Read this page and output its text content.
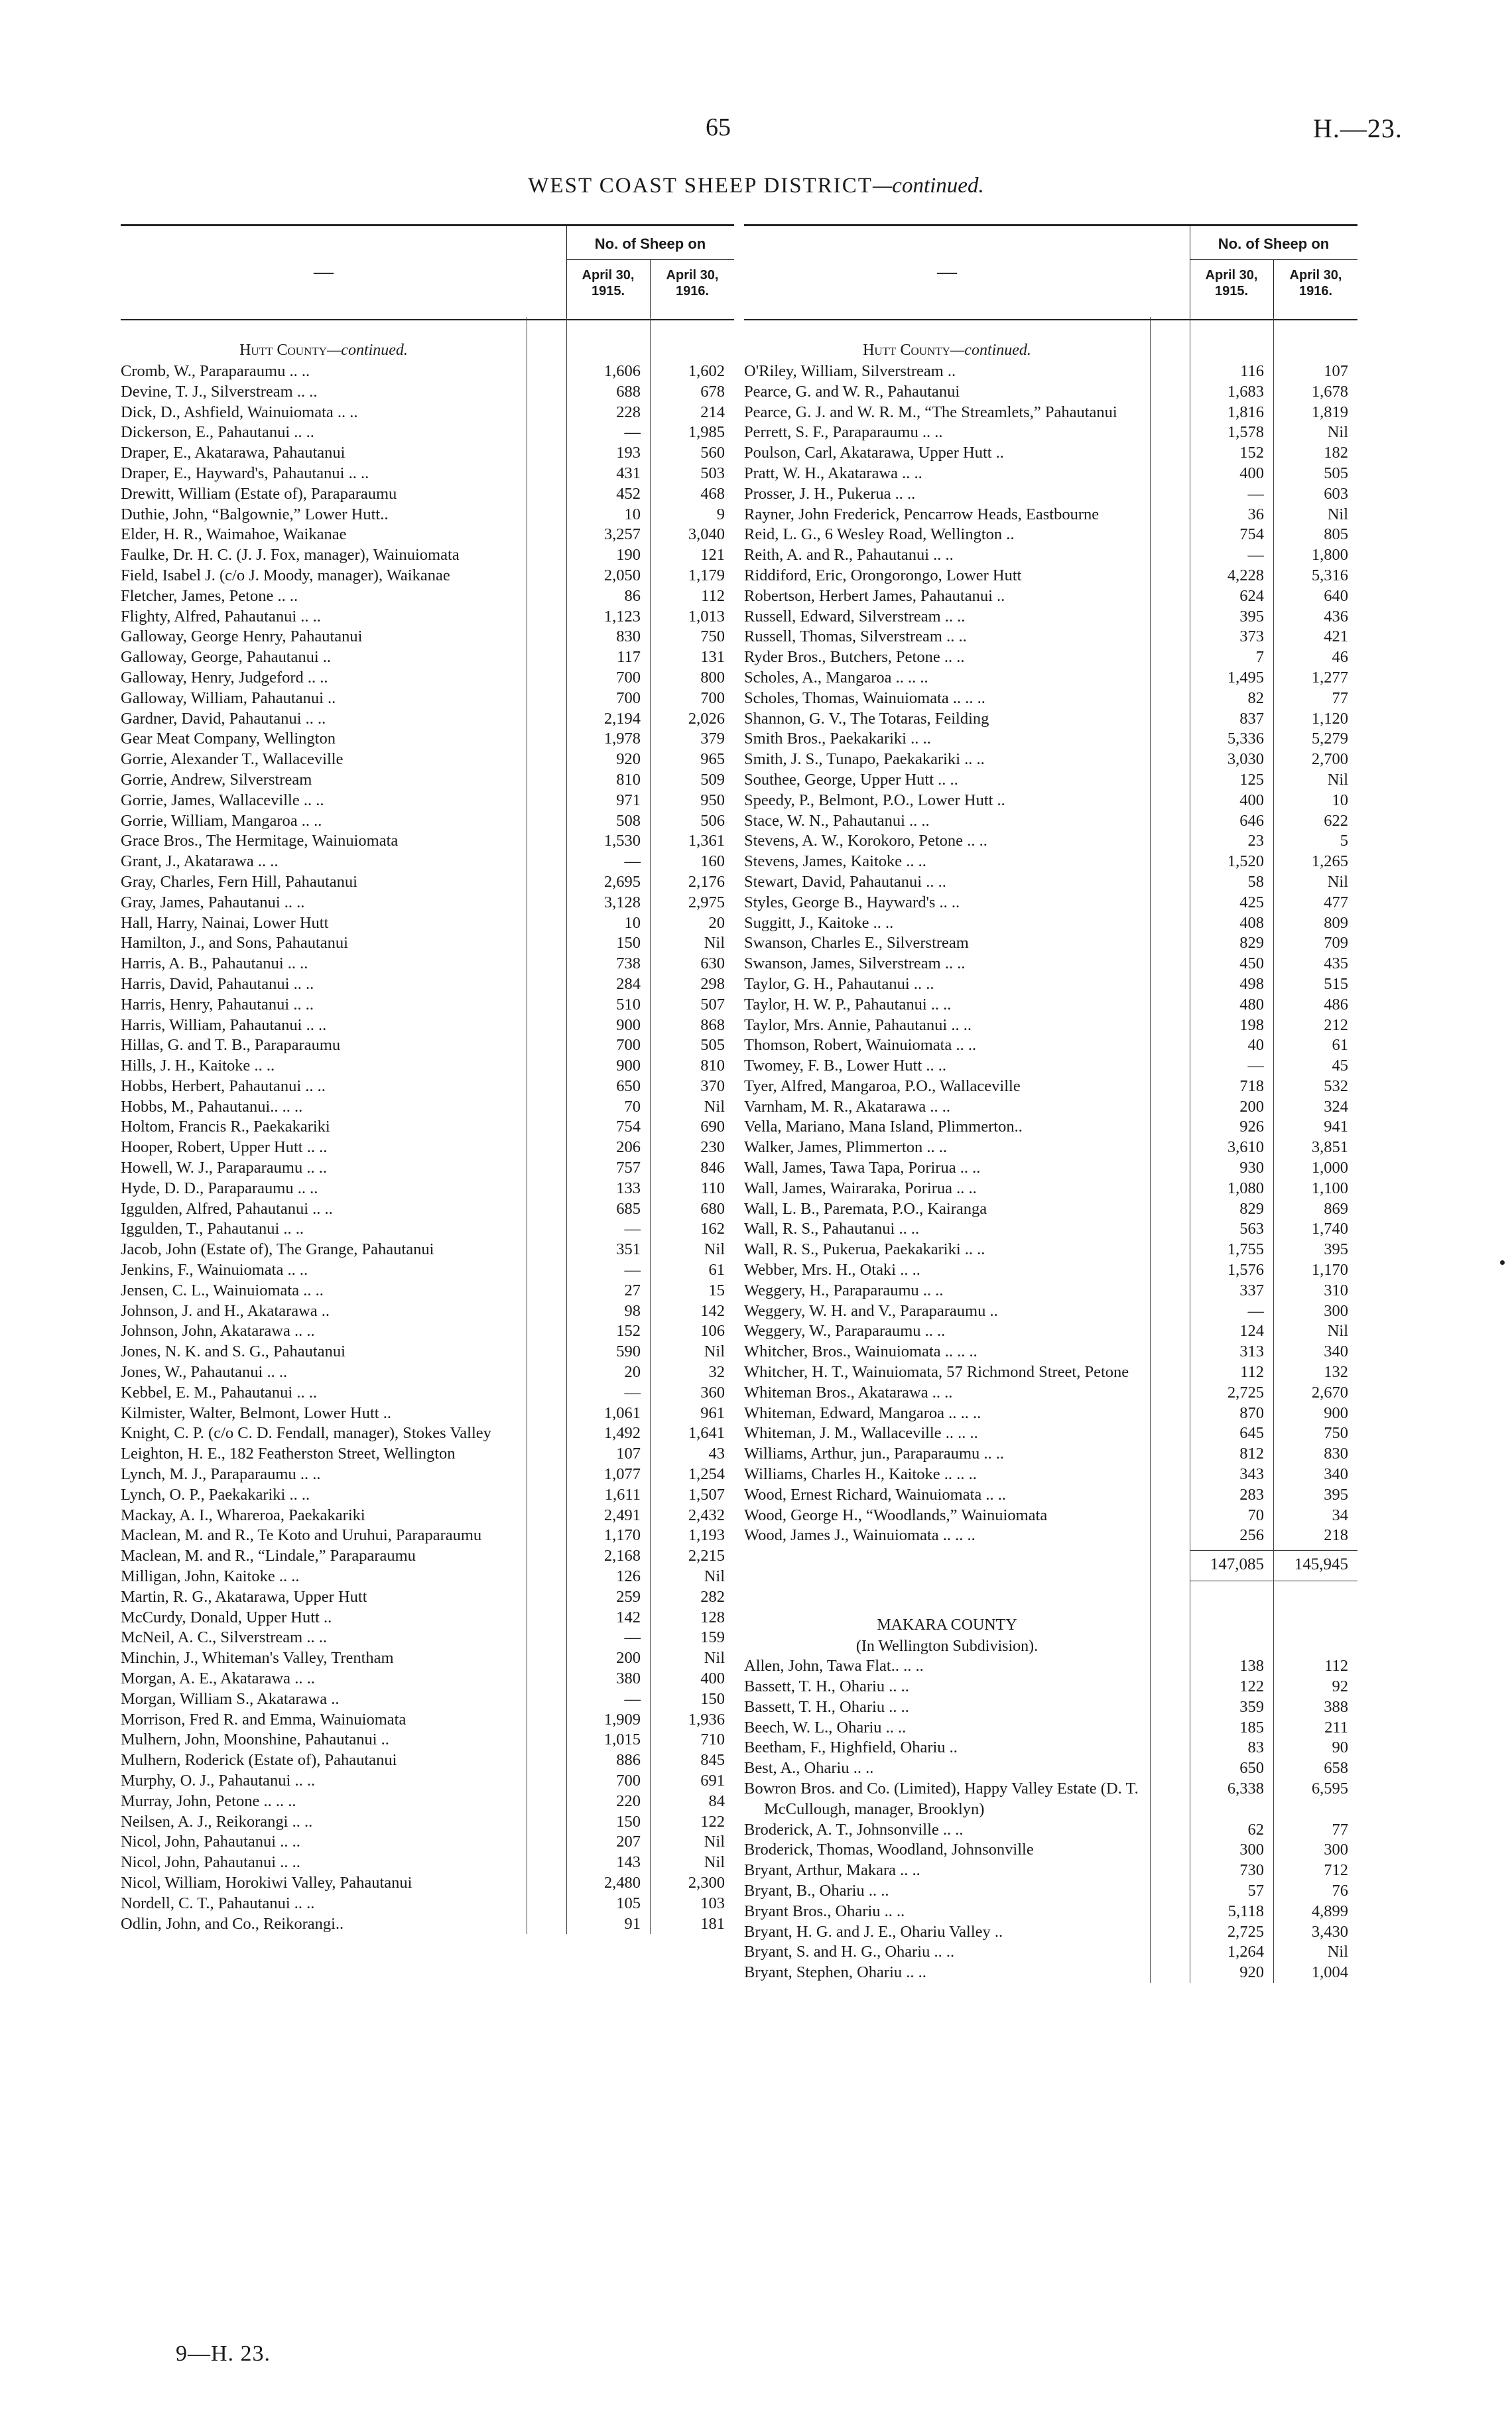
65	H.—23.
WEST COAST SHEEP DISTRICT—continued.
—
No. of Sheep on
April 30,
1915.
April 30,
1916.
Hutt County—continued.
Cromb, W., Paraparaumu .. ..	1,606	1,602
Devine, T. J., Silverstream .. ..	688	678
Dick, D., Ashfield, Wainuiomata .. ..	228	214
Dickerson, E., Pahautanui .. ..	—	1,985
Draper, E., Akatarawa, Pahautanui	193	560
Draper, E., Hayward's, Pahautanui .. ..	431	503
Drewitt, William (Estate of), Paraparaumu	452	468
Duthie, John, “Balgownie,” Lower Hutt..	10	9
Elder, H. R., Waimahoe, Waikanae	3,257	3,040
Faulke, Dr. H. C. (J. J. Fox, manager), Wainuiomata	190	121
Field, Isabel J. (c/o J. Moody, manager), Waikanae	2,050	1,179
Fletcher, James, Petone .. ..	86	112
Flighty, Alfred, Pahautanui .. ..	1,123	1,013
Galloway, George Henry, Pahautanui	830	750
Galloway, George, Pahautanui ..	117	131
Galloway, Henry, Judgeford .. ..	700	800
Galloway, William, Pahautanui ..	700	700
Gardner, David, Pahautanui .. ..	2,194	2,026
Gear Meat Company, Wellington	1,978	379
Gorrie, Alexander T., Wallaceville	920	965
Gorrie, Andrew, Silverstream	810	509
Gorrie, James, Wallaceville .. ..	971	950
Gorrie, William, Mangaroa .. ..	508	506
Grace Bros., The Hermitage, Wainuiomata	1,530	1,361
Grant, J., Akatarawa .. ..	—	160
Gray, Charles, Fern Hill, Pahautanui	2,695	2,176
Gray, James, Pahautanui .. ..	3,128	2,975
Hall, Harry, Nainai, Lower Hutt	10	20
Hamilton, J., and Sons, Pahautanui	150	Nil
Harris, A. B., Pahautanui .. ..	738	630
Harris, David, Pahautanui .. ..	284	298
Harris, Henry, Pahautanui .. ..	510	507
Harris, William, Pahautanui .. ..	900	868
Hillas, G. and T. B., Paraparaumu	700	505
Hills, J. H., Kaitoke .. ..	900	810
Hobbs, Herbert, Pahautanui .. ..	650	370
Hobbs, M., Pahautanui.. .. ..	70	Nil
Holtom, Francis R., Paekakariki	754	690
Hooper, Robert, Upper Hutt .. ..	206	230
Howell, W. J., Paraparaumu .. ..	757	846
Hyde, D. D., Paraparaumu .. ..	133	110
Iggulden, Alfred, Pahautanui .. ..	685	680
Iggulden, T., Pahautanui .. ..	—	162
Jacob, John (Estate of), The Grange, Pahautanui	351	Nil
Jenkins, F., Wainuiomata .. ..	—	61
Jensen, C. L., Wainuiomata .. ..	27	15
Johnson, J. and H., Akatarawa ..	98	142
Johnson, John, Akatarawa .. ..	152	106
Jones, N. K. and S. G., Pahautanui	590	Nil
Jones, W., Pahautanui .. ..	20	32
Kebbel, E. M., Pahautanui .. ..	—	360
Kilmister, Walter, Belmont, Lower Hutt ..	1,061	961
Knight, C. P. (c/o C. D. Fendall, manager), Stokes Valley	1,492	1,641
Leighton, H. E., 182 Featherston Street, Wellington	107	43
Lynch, M. J., Paraparaumu .. ..	1,077	1,254
Lynch, O. P., Paekakariki .. ..	1,611	1,507
Mackay, A. I., Whareroa, Paekakariki	2,491	2,432
Maclean, M. and R., Te Koto and Uruhui, Paraparaumu	1,170	1,193
Maclean, M. and R., “Lindale,” Paraparaumu	2,168	2,215
Milligan, John, Kaitoke .. ..	126	Nil
Martin, R. G., Akatarawa, Upper Hutt	259	282
McCurdy, Donald, Upper Hutt ..	142	128
McNeil, A. C., Silverstream .. ..	—	159
Minchin, J., Whiteman's Valley, Trentham	200	Nil
Morgan, A. E., Akatarawa .. ..	380	400
Morgan, William S., Akatarawa ..	—	150
Morrison, Fred R. and Emma, Wainuiomata	1,909	1,936
Mulhern, John, Moonshine, Pahautanui ..	1,015	710
Mulhern, Roderick (Estate of), Pahautanui	886	845
Murphy, O. J., Pahautanui .. ..	700	691
Murray, John, Petone .. .. ..	220	84
Neilsen, A. J., Reikorangi .. ..	150	122
Nicol, John, Pahautanui .. ..	207	Nil
Nicol, John, Pahautanui .. ..	143	Nil
Nicol, William, Horokiwi Valley, Pahautanui	2,480	2,300
Nordell, C. T., Pahautanui .. ..	105	103
Odlin, John, and Co., Reikorangi..	91	181
—
No. of Sheep on
April 30,
1915.
April 30,
1916.
Hutt County—continued.
O'Riley, William, Silverstream ..	116	107
Pearce, G. and W. R., Pahautanui	1,683	1,678
Pearce, G. J. and W. R. M., “The Streamlets,” Pahautanui	1,816	1,819
Perrett, S. F., Paraparaumu .. ..	1,578	Nil
Poulson, Carl, Akatarawa, Upper Hutt ..	152	182
Pratt, W. H., Akatarawa .. ..	400	505
Prosser, J. H., Pukerua .. ..	—	603
Rayner, John Frederick, Pencarrow Heads, Eastbourne	36	Nil
Reid, L. G., 6 Wesley Road, Wellington ..	754	805
Reith, A. and R., Pahautanui .. ..	—	1,800
Riddiford, Eric, Orongorongo, Lower Hutt	4,228	5,316
Robertson, Herbert James, Pahautanui ..	624	640
Russell, Edward, Silverstream .. ..	395	436
Russell, Thomas, Silverstream .. ..	373	421
Ryder Bros., Butchers, Petone .. ..	7	46
Scholes, A., Mangaroa .. .. ..	1,495	1,277
Scholes, Thomas, Wainuiomata .. .. ..	82	77
Shannon, G. V., The Totaras, Feilding	837	1,120
Smith Bros., Paekakariki .. ..	5,336	5,279
Smith, J. S., Tunapo, Paekakariki .. ..	3,030	2,700
Southee, George, Upper Hutt .. ..	125	Nil
Speedy, P., Belmont, P.O., Lower Hutt ..	400	10
Stace, W. N., Pahautanui .. ..	646	622
Stevens, A. W., Korokoro, Petone .. ..	23	5
Stevens, James, Kaitoke .. ..	1,520	1,265
Stewart, David, Pahautanui .. ..	58	Nil
Styles, George B., Hayward's .. ..	425	477
Suggitt, J., Kaitoke .. ..	408	809
Swanson, Charles E., Silverstream	829	709
Swanson, James, Silverstream .. ..	450	435
Taylor, G. H., Pahautanui .. ..	498	515
Taylor, H. W. P., Pahautanui .. ..	480	486
Taylor, Mrs. Annie, Pahautanui .. ..	198	212
Thomson, Robert, Wainuiomata .. ..	40	61
Twomey, F. B., Lower Hutt .. ..	—	45
Tyer, Alfred, Mangaroa, P.O., Wallaceville	718	532
Varnham, M. R., Akatarawa .. ..	200	324
Vella, Mariano, Mana Island, Plimmerton..	926	941
Walker, James, Plimmerton .. ..	3,610	3,851
Wall, James, Tawa Tapa, Porirua .. ..	930	1,000
Wall, James, Wairaraka, Porirua .. ..	1,080	1,100
Wall, L. B., Paremata, P.O., Kairanga	829	869
Wall, R. S., Pahautanui .. ..	563	1,740
Wall, R. S., Pukerua, Paekakariki .. ..	1,755	395
Webber, Mrs. H., Otaki .. ..	1,576	1,170
Weggery, H., Paraparaumu .. ..	337	310
Weggery, W. H. and V., Paraparaumu ..	—	300
Weggery, W., Paraparaumu .. ..	124	Nil
Whitcher, Bros., Wainuiomata .. .. ..	313	340
Whitcher, H. T., Wainuiomata, 57 Richmond Street, Petone	112	132
Whiteman Bros., Akatarawa .. ..	2,725	2,670
Whiteman, Edward, Mangaroa .. .. ..	870	900
Whiteman, J. M., Wallaceville .. .. ..	645	750
Williams, Arthur, jun., Paraparaumu .. ..	812	830
Williams, Charles H., Kaitoke .. .. ..	343	340
Wood, Ernest Richard, Wainuiomata .. ..	283	395
Wood, George H., “Woodlands,” Wainuiomata	70	34
Wood, James J., Wainuiomata .. .. ..	256	218
147,085	145,945
MAKARA COUNTY
(In Wellington Subdivision).
Allen, John, Tawa Flat.. .. ..	138	112
Bassett, T. H., Ohariu .. ..	122	92
Bassett, T. H., Ohariu .. ..	359	388
Beech, W. L., Ohariu .. ..	185	211
Beetham, F., Highfield, Ohariu ..	83	90
Best, A., Ohariu .. ..	650	658
Bowron Bros. and Co. (Limited), Happy Valley Estate (D. T. McCullough, manager, Brooklyn)
6,338	6,595
Broderick, A. T., Johnsonville .. ..	62	77
Broderick, Thomas, Woodland, Johnsonville	300	300
Bryant, Arthur, Makara .. ..	730	712
Bryant, B., Ohariu .. ..	57	76
Bryant Bros., Ohariu .. ..	5,118	4,899
Bryant, H. G. and J. E., Ohariu Valley ..	2,725	3,430
Bryant, S. and H. G., Ohariu .. ..	1,264	Nil
Bryant, Stephen, Ohariu .. ..	920	1,004
9—H. 23.
